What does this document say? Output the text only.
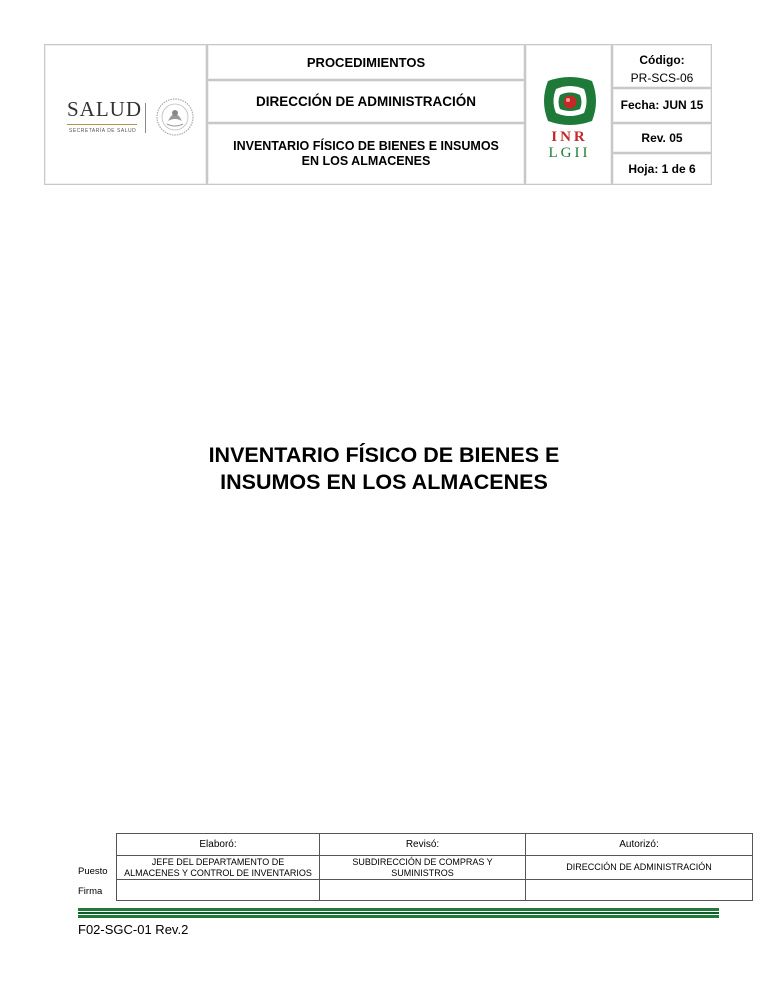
SALUD
SECRETARÍA DE SALUD
PROCEDIMIENTOS
DIRECCIÓN DE ADMINISTRACIÓN
INVENTARIO FÍSICO DE BIENES E INSUMOS EN LOS ALMACENES
INR
LGII
Código:
PR-SCS-06
Fecha: JUN 15
Rev. 05
Hoja: 1 de 6
INVENTARIO FÍSICO DE BIENES E
INSUMOS EN LOS ALMACENES
Puesto
Firma
Elaboró:	Revisó:	Autorizó:
JEFE DEL DEPARTAMENTO DE ALMACENES Y CONTROL DE INVENTARIOS
SUBDIRECCIÓN DE COMPRAS Y SUMINISTROS
DIRECCIÓN DE ADMINISTRACIÓN
F02-SGC-01 Rev.2
